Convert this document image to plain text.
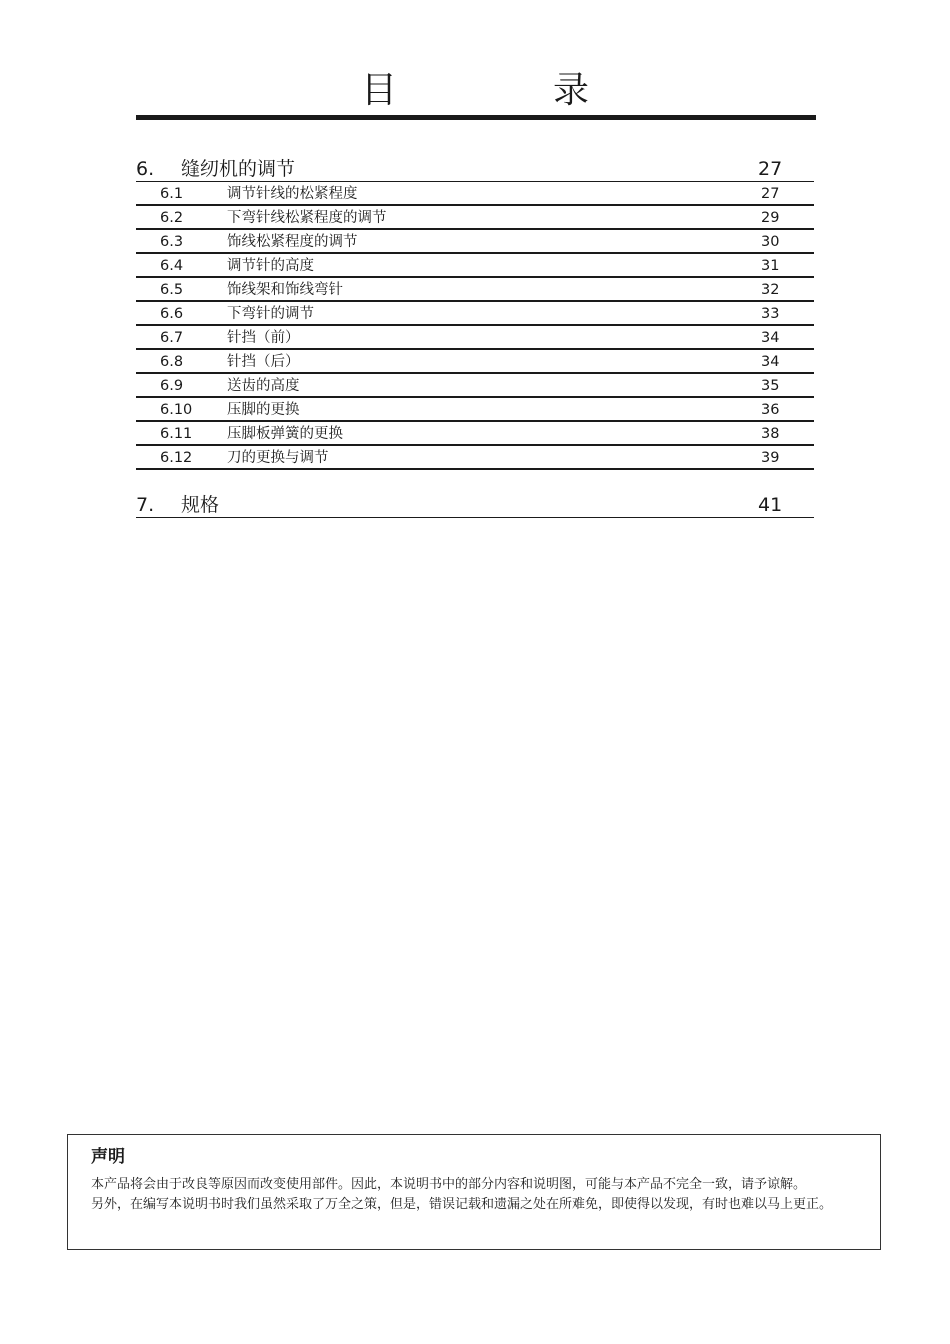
目　录
6. 缝纫机的调节	27
6.1	调节针线的松紧程度	27
6.2	下弯针线松紧程度的调节	29
6.3	饰线松紧程度的调节	30
6.4	调节针的高度	31
6.5	饰线架和饰线弯针	32
6.6	下弯针的调节	33
6.7	针挡（前）	34
6.8	针挡（后）	34
6.9	送齿的高度	35
6.10 压脚的更换	36
6.11 压脚板弹簧的更换	38
6.12 刀的更换与调节	39
7. 规格	41
声明

本产品将会由于改良等原因而改变使用部件。因此，本说明书中的部分内容和说明图，可能与本产品不完全一致，请予谅解。

另外，在编写本说明书时我们虽然采取了万全之策，但是，错误记载和遗漏之处在所难免，即使得以发现，有时也难以马上更正。
